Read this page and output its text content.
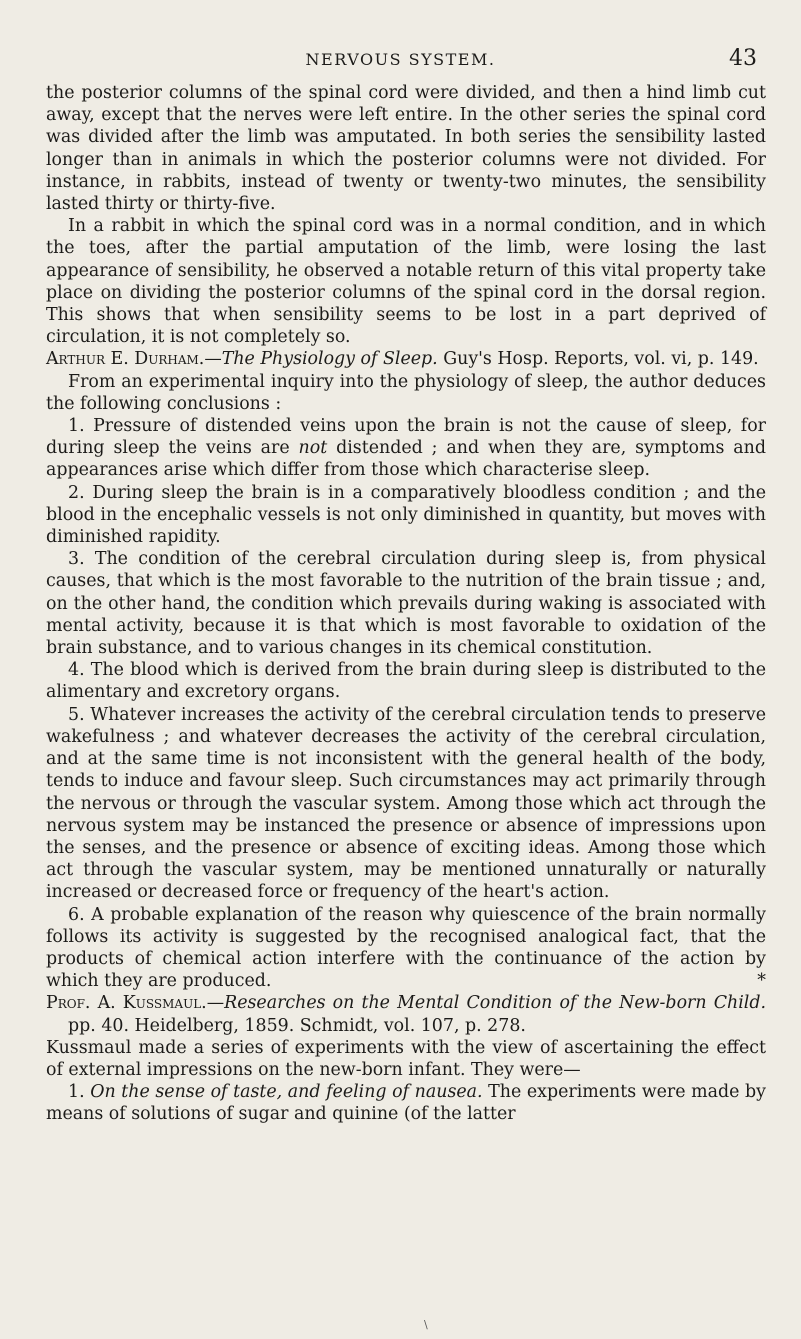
NERVOUS SYSTEM.	43

the posterior columns of the spinal cord were divided, and then a hind limb cut away, except that the nerves were left entire. In the other series the spinal cord was divided after the limb was amputated. In both series the sensibility lasted longer than in animals in which the posterior columns were not divided. For instance, in rabbits, instead of twenty or twenty-two minutes, the sensibility lasted thirty or thirty-five.

In a rabbit in which the spinal cord was in a normal condition, and in which the toes, after the partial amputation of the limb, were losing the last appearance of sensibility, he observed a notable return of this vital property take place on dividing the posterior columns of the spinal cord in the dorsal region. This shows that when sensibility seems to be lost in a part deprived of circulation, it is not completely so.

Arthur E. Durham.—The Physiology of Sleep. Guy's Hosp. Reports, vol. vi, p. 149.

From an experimental inquiry into the physiology of sleep, the author deduces the following conclusions :

1. Pressure of distended veins upon the brain is not the cause of sleep, for during sleep the veins are not distended ; and when they are, symptoms and appearances arise which differ from those which characterise sleep.

2. During sleep the brain is in a comparatively bloodless condition ; and the blood in the encephalic vessels is not only diminished in quantity, but moves with diminished rapidity.

3. The condition of the cerebral circulation during sleep is, from physical causes, that which is the most favorable to the nutrition of the brain tissue ; and, on the other hand, the condition which prevails during waking is associated with mental activity, because it is that which is most favorable to oxidation of the brain substance, and to various changes in its chemical constitution.

4. The blood which is derived from the brain during sleep is distributed to the alimentary and excretory organs.

5. Whatever increases the activity of the cerebral circulation tends to preserve wakefulness ; and whatever decreases the activity of the cerebral circulation, and at the same time is not inconsistent with the general health of the body, tends to induce and favour sleep. Such circumstances may act primarily through the nervous or through the vascular system. Among those which act through the nervous system may be instanced the presence or absence of impressions upon the senses, and the presence or absence of exciting ideas. Among those which act through the vascular system, may be mentioned unnaturally or naturally increased or decreased force or frequency of the heart's action.

6. A probable explanation of the reason why quiescence of the brain normally follows its activity is suggested by the recognised analogical fact, that the products of chemical action interfere with the continuance of the action by which they are produced.	*

Prof. A. Kussmaul.—Researches on the Mental Condition of the New-born Child. pp. 40. Heidelberg, 1859. Schmidt, vol. 107, p. 278.

Kussmaul made a series of experiments with the view of ascertaining the effect of external impressions on the new-born infant. They were—

1. On the sense of taste, and feeling of nausea. The experiments were made by means of solutions of sugar and quinine (of the latter

\
